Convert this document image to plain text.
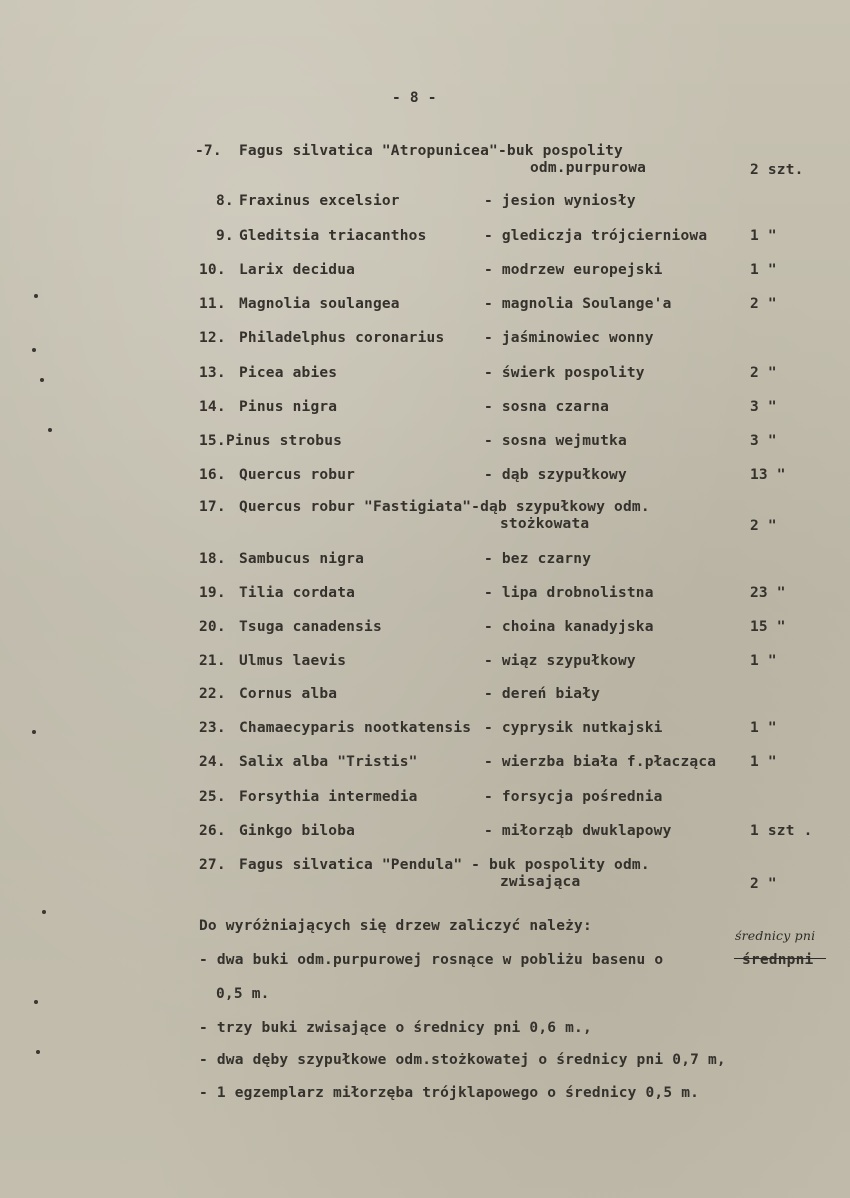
- 8 -
-7. Fagus silvatica "Atropunicea"-buk pospolity
odm.purpurowa	2 szt.
8. Fraxinus excelsior	- jesion wyniosły
9. Gleditsia triacanthos	- glediczja trójcierniowa	1 "
10. Larix decidua	- modrzew europejski	1 "
11. Magnolia soulangea	- magnolia Soulange'a	2 "
12. Philadelphus coronarius	- jaśminowiec wonny
13. Picea abies	- świerk pospolity	2 "
14. Pinus nigra	- sosna czarna	3 "
15. Pinus strobus	- sosna wejmutka	3 "
16. Quercus robur	- dąb szypułkowy	13 "
17. Quercus robur "Fastigiata"-dąb szypułkowy odm.
stożkowata	2 "
18. Sambucus nigra	- bez czarny
19. Tilia cordata	- lipa drobnolistna	23 "
20. Tsuga canadensis	- choina kanadyjska	15 "
21. Ulmus laevis	- wiąz szypułkowy	1 "
22. Cornus alba	- dereń biały
23. Chamaecyparis nootkatensis - cyprysik nutkajski	1 "
24. Salix alba "Tristis"	- wierzba biała f.płacząca 1 "
25. Forsythia intermedia	- forsycja pośrednia
26. Ginkgo biloba	- miłorząb dwuklapowy	1 szt .
27. Fagus silvatica "Pendula" - buk pospolity odm.
zwisająca	2 "
Do wyróżniających się drzew zaliczyć należy:
- dwa buki odm.purpurowej rosnące w pobliżu basenu o	średnpni
średnicy pni
0,5 m.
- trzy buki zwisające o średnicy pni 0,6 m.,
- dwa dęby szypułkowe odm.stożkowatej o średnicy pni 0,7 m,
- 1 egzemplarz miłorzęba trójklapowego o średnicy 0,5 m.
